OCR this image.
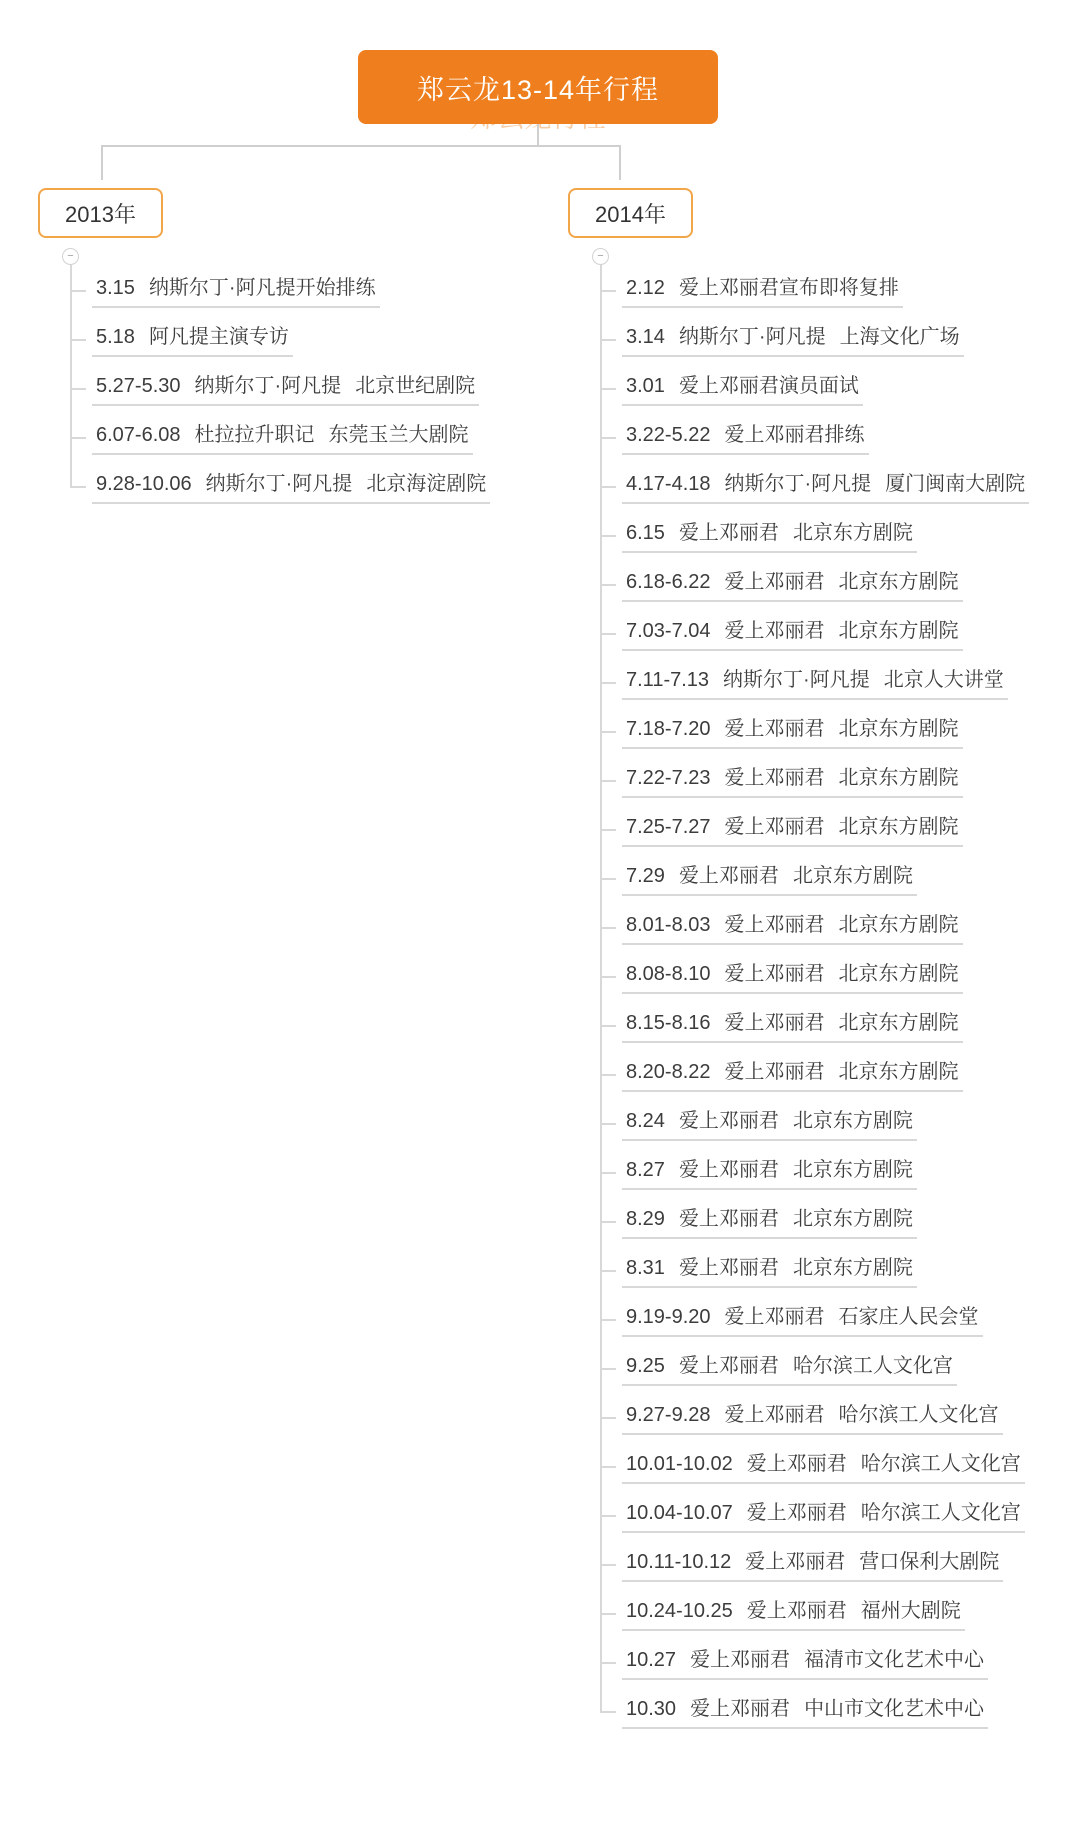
郑云龙13-14年行程
2013年
−
2014年
−
3.15 纳斯尔丁·阿凡提开始排练
5.18 阿凡提主演专访
5.27-5.30 纳斯尔丁·阿凡提 北京世纪剧院
6.07-6.08 杜拉拉升职记 东莞玉兰大剧院
9.28-10.06 纳斯尔丁·阿凡提 北京海淀剧院
2.12 爱上邓丽君宣布即将复排
3.14 纳斯尔丁·阿凡提 上海文化广场
3.01 爱上邓丽君演员面试
3.22-5.22 爱上邓丽君排练
4.17-4.18 纳斯尔丁·阿凡提 厦门闽南大剧院
6.15 爱上邓丽君 北京东方剧院
6.18-6.22 爱上邓丽君 北京东方剧院
7.03-7.04 爱上邓丽君 北京东方剧院
7.11-7.13 纳斯尔丁·阿凡提 北京人大讲堂
7.18-7.20 爱上邓丽君 北京东方剧院
7.22-7.23 爱上邓丽君 北京东方剧院
7.25-7.27 爱上邓丽君 北京东方剧院
7.29 爱上邓丽君 北京东方剧院
8.01-8.03 爱上邓丽君 北京东方剧院
8.08-8.10 爱上邓丽君 北京东方剧院
8.15-8.16 爱上邓丽君 北京东方剧院
8.20-8.22 爱上邓丽君 北京东方剧院
8.24 爱上邓丽君 北京东方剧院
8.27 爱上邓丽君 北京东方剧院
8.29 爱上邓丽君 北京东方剧院
8.31 爱上邓丽君 北京东方剧院
9.19-9.20 爱上邓丽君 石家庄人民会堂
9.25 爱上邓丽君 哈尔滨工人文化宫
9.27-9.28 爱上邓丽君 哈尔滨工人文化宫
10.01-10.02 爱上邓丽君 哈尔滨工人文化宫
10.04-10.07 爱上邓丽君 哈尔滨工人文化宫
10.11-10.12 爱上邓丽君 营口保利大剧院
10.24-10.25 爱上邓丽君 福州大剧院
10.27 爱上邓丽君 福清市文化艺术中心
10.30 爱上邓丽君 中山市文化艺术中心
